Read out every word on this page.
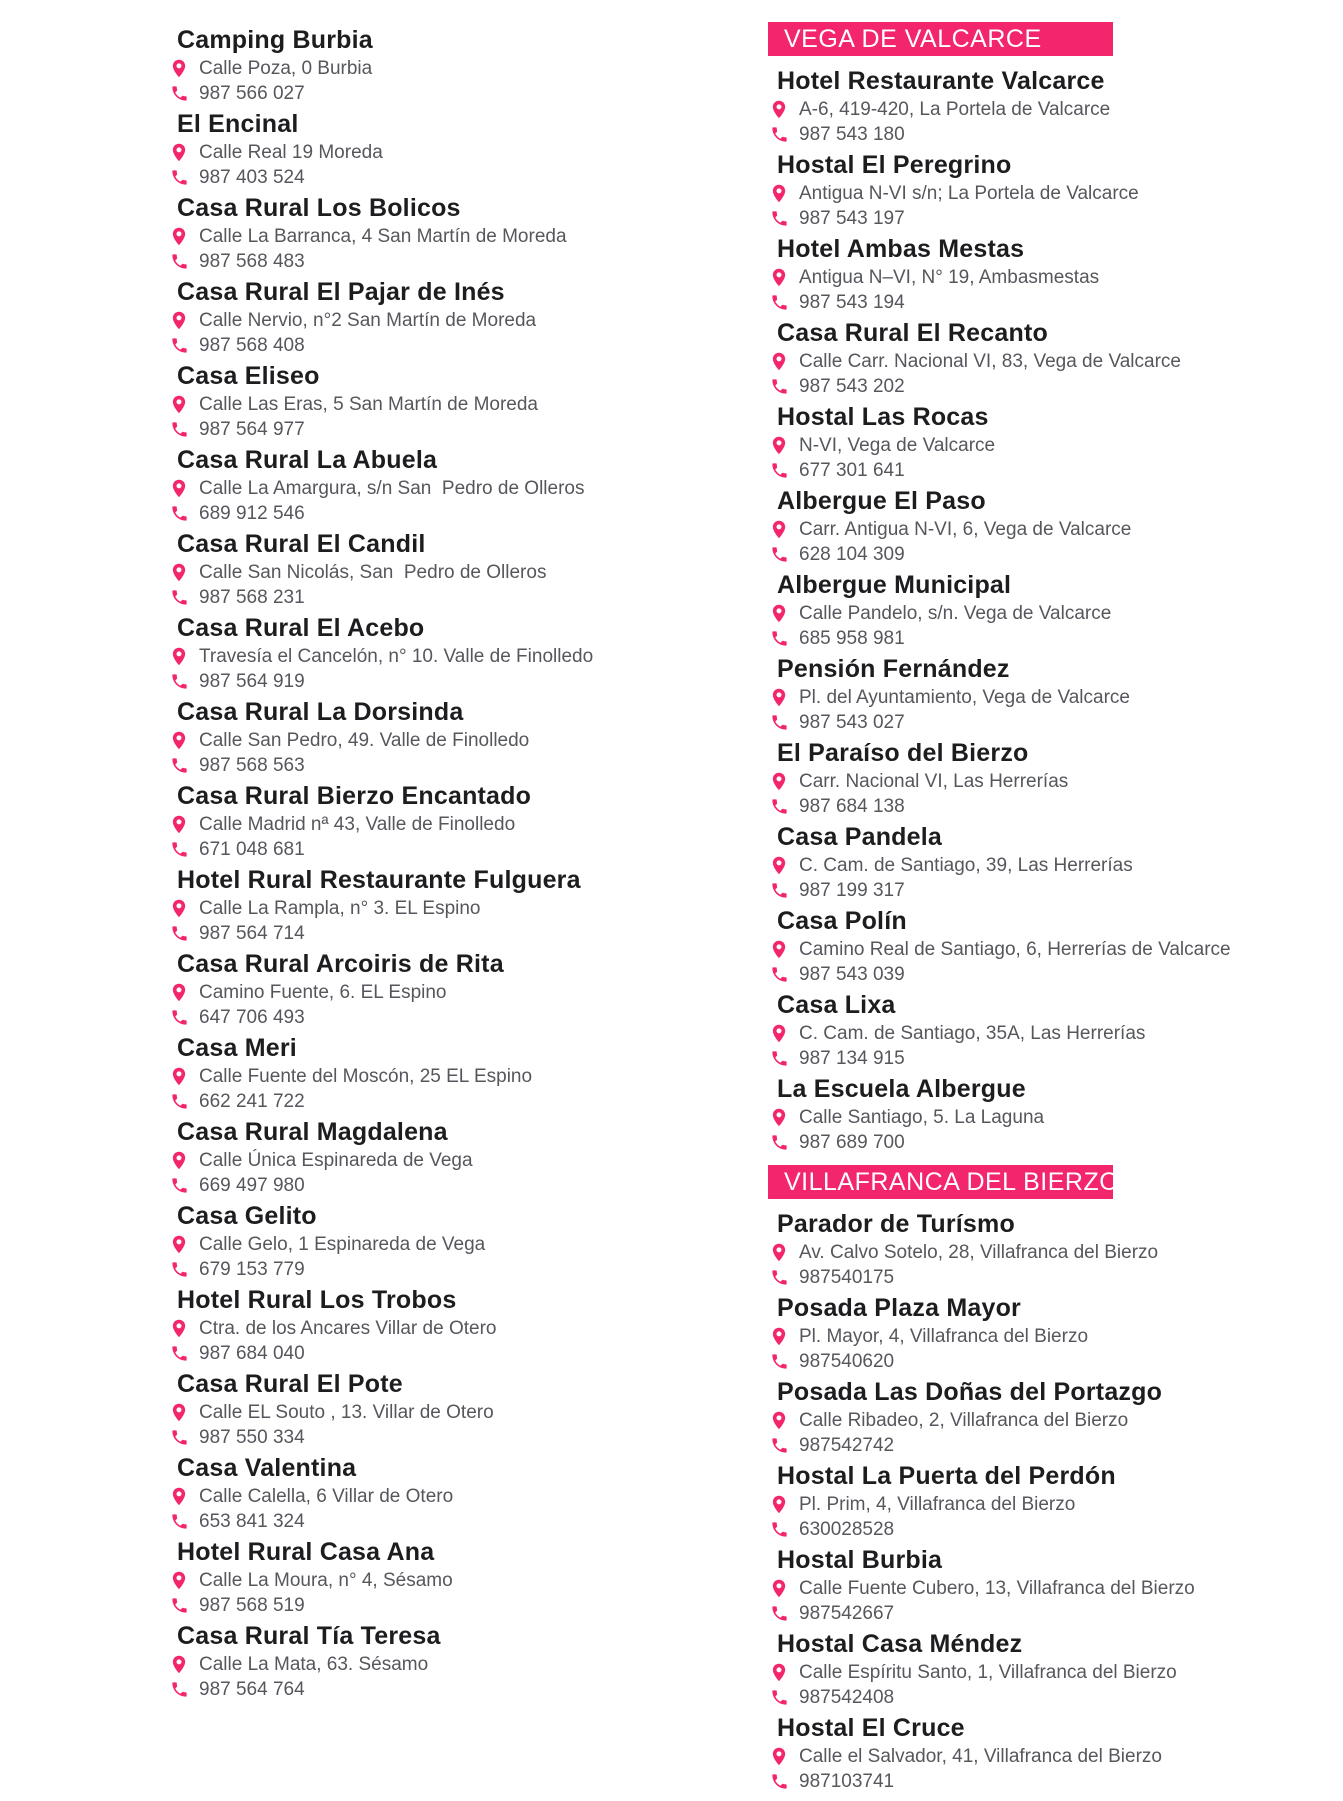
Camping Burbia
Calle Poza, 0 Burbia
987 566 027
El Encinal
Calle Real 19 Moreda
987 403 524
Casa Rural Los Bolicos
Calle La Barranca, 4 San Martín de Moreda
987 568 483
Casa Rural El Pajar de Inés
Calle Nervio, n°2 San Martín de Moreda
987 568 408
Casa Eliseo
Calle Las Eras, 5 San Martín de Moreda
987 564 977
Casa Rural La Abuela
Calle La Amargura, s/n San  Pedro de Olleros
689 912 546
Casa Rural El Candil
Calle San Nicolás, San  Pedro de Olleros
987 568 231
Casa Rural El Acebo
Travesía el Cancelón, n° 10. Valle de Finolledo
987 564 919
Casa Rural La Dorsinda
Calle San Pedro, 49. Valle de Finolledo
987 568 563
Casa Rural Bierzo Encantado
Calle Madrid nª 43, Valle de Finolledo
671 048 681
Hotel Rural Restaurante Fulguera
Calle La Rampla, n° 3. EL Espino
987 564 714
Casa Rural Arcoiris de Rita
Camino Fuente, 6. EL Espino
647 706 493
Casa Meri
Calle Fuente del Moscón, 25 EL Espino
662 241 722
Casa Rural Magdalena
Calle Única Espinareda de Vega
669 497 980
Casa Gelito
Calle Gelo, 1 Espinareda de Vega
679 153 779
Hotel Rural Los Trobos
Ctra. de los Ancares Villar de Otero
987 684 040
Casa Rural El Pote
Calle EL Souto , 13. Villar de Otero
987 550 334
Casa Valentina
Calle Calella, 6 Villar de Otero
653 841 324
Hotel Rural Casa Ana
Calle La Moura, n° 4, Sésamo
987 568 519
Casa Rural Tía Teresa
Calle La Mata, 63. Sésamo
987 564 764
VEGA DE VALCARCE
Hotel Restaurante Valcarce
A-6, 419-420, La Portela de Valcarce
987 543 180
Hostal El Peregrino
Antigua N-VI s/n; La Portela de Valcarce
987 543 197
Hotel Ambas Mestas
Antigua N–VI, N° 19, Ambasmestas
987 543 194
Casa Rural El Recanto
Calle Carr. Nacional VI, 83, Vega de Valcarce
987 543 202
Hostal Las Rocas
N-VI, Vega de Valcarce
677 301 641
Albergue El Paso
Carr. Antigua N-VI, 6, Vega de Valcarce
628 104 309
Albergue Municipal
Calle Pandelo, s/n. Vega de Valcarce
685 958 981
Pensión Fernández
Pl. del Ayuntamiento, Vega de Valcarce
987 543 027
El Paraíso del Bierzo
Carr. Nacional VI, Las Herrerías
987 684 138
Casa Pandela
C. Cam. de Santiago, 39, Las Herrerías
987 199 317
Casa Polín
Camino Real de Santiago, 6, Herrerías de Valcarce
987 543 039
Casa Lixa
C. Cam. de Santiago, 35A, Las Herrerías
987 134 915
La Escuela Albergue
Calle Santiago, 5. La Laguna
987 689 700
VILLAFRANCA DEL BIERZO
Parador de Turísmo
Av. Calvo Sotelo, 28, Villafranca del Bierzo
987540175
Posada Plaza Mayor
Pl. Mayor, 4, Villafranca del Bierzo
987540620
Posada Las Doñas del Portazgo
Calle Ribadeo, 2, Villafranca del Bierzo
987542742
Hostal La Puerta del Perdón
Pl. Prim, 4, Villafranca del Bierzo
630028528
Hostal Burbia
Calle Fuente Cubero, 13, Villafranca del Bierzo
987542667
Hostal Casa Méndez
Calle Espíritu Santo, 1, Villafranca del Bierzo
987542408
Hostal El Cruce
Calle el Salvador, 41, Villafranca del Bierzo
987103741
